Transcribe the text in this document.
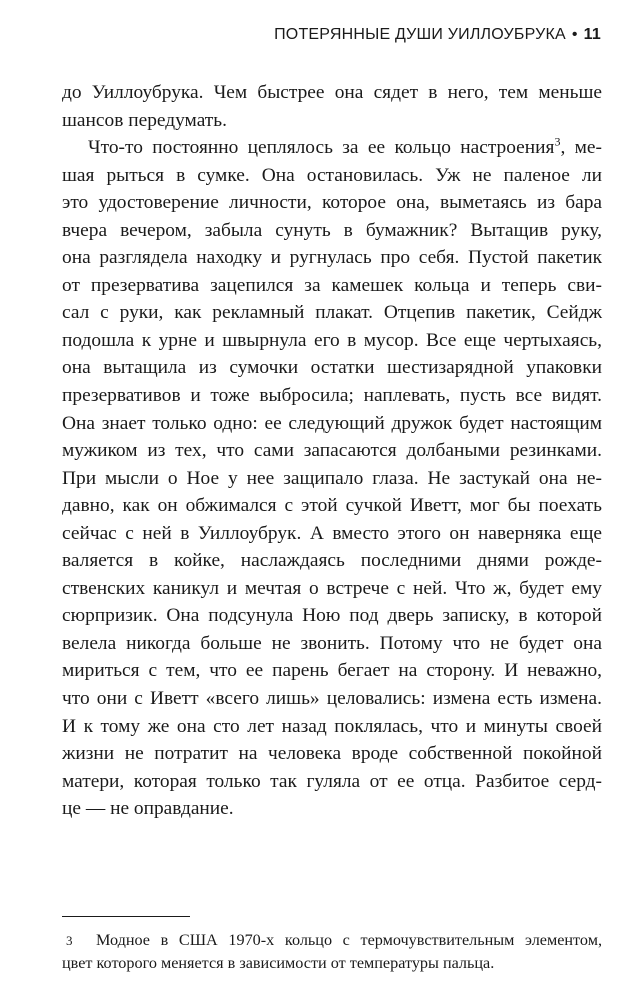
ПОТЕРЯННЫЕ ДУШИ УИЛЛОУБРУКА • 11
до Уиллоубрука. Чем быстрее она сядет в него, тем меньше
шансов передумать.
Что-то постоянно цеплялось за ее кольцо настроения$^3$, ме-
шая рыться в сумке. Она остановилась. Уж не паленое ли
это удостоверение личности, которое она, выметаясь из бара
вчера вечером, забыла сунуть в бумажник? Вытащив руку,
она разглядела находку и ругнулась про себя. Пустой пакетик
от презерватива зацепился за камешек кольца и теперь сви-
сал с руки, как рекламный плакат. Отцепив пакетик, Сейдж
подошла к урне и швырнула его в мусор. Все еще чертыхаясь,
она вытащила из сумочки остатки шестизарядной упаковки
презервативов и тоже выбросила; наплевать, пусть все видят.
Она знает только одно: ее следующий дружок будет настоящим
мужиком из тех, что сами запасаются долбаными резинками.
При мысли о Ное у нее защипало глаза. Не застукай она не-
давно, как он обжимался с этой сучкой Иветт, мог бы поехать
сейчас с ней в Уиллоубрук. А вместо этого он наверняка еще
валяется в койке, наслаждаясь последними днями рожде-
ственских каникул и мечтая о встрече с ней. Что ж, будет ему
сюрпризик. Она подсунула Ною под дверь записку, в которой
велела никогда больше не звонить. Потому что не будет она
мириться с тем, что ее парень бегает на сторону. И неважно,
что они с Иветт «всего лишь» целовались: измена есть измена.
И к тому же она сто лет назад поклялась, что и минуты своей
жизни не потратит на человека вроде собственной покойной
матери, которая только так гуляла от ее отца. Разбитое серд-
це — не оправдание.
3 Модное в США 1970-х кольцо с термочувствительным элементом,
цвет которого меняется в зависимости от температуры пальца.
